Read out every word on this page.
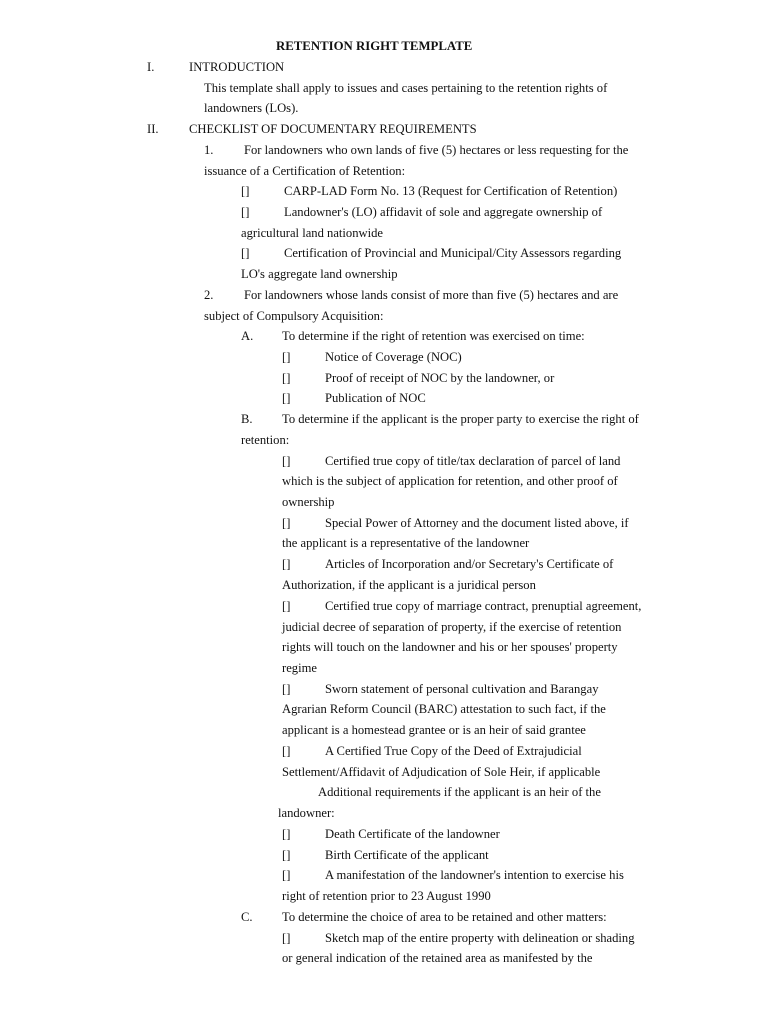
RETENTION RIGHT TEMPLATE
I.	INTRODUCTION
This template shall apply to issues and cases pertaining to the retention rights of
landowners (LOs).
II. CHECKLIST OF DOCUMENTARY REQUIREMENTS
1. For landowners who own lands of five (5) hectares or less requesting for the
issuance of a Certification of Retention:
[]	CARP-LAD Form No. 13 (Request for Certification of Retention)
[]	Landowner's (LO) affidavit of sole and aggregate ownership of
agricultural land nationwide
[]	Certification of Provincial and Municipal/City Assessors regarding
LO's aggregate land ownership
2. For landowners whose lands consist of more than five (5) hectares and are
subject of Compulsory Acquisition:
A. To determine if the right of retention was exercised on time:
[]	Notice of Coverage (NOC)
[]	Proof of receipt of NOC by the landowner, or
[]	Publication of NOC
B. To determine if the applicant is the proper party to exercise the right of
retention:
[]	Certified true copy of title/tax declaration of parcel of land
which is the subject of application for retention, and other proof of
ownership
[]	Special Power of Attorney and the document listed above, if
the applicant is a representative of the landowner
[]	Articles of Incorporation and/or Secretary's Certificate of
Authorization, if the applicant is a juridical person
[]	Certified true copy of marriage contract, prenuptial agreement,
judicial decree of separation of property, if the exercise of retention
rights will touch on the landowner and his or her spouses' property
regime
[]	Sworn statement of personal cultivation and Barangay
Agrarian Reform Council (BARC) attestation to such fact, if the
applicant is a homestead grantee or is an heir of said grantee
[]	A Certified True Copy of the Deed of Extrajudicial
Settlement/Affidavit of Adjudication of Sole Heir, if applicable
Additional requirements if the applicant is an heir of the
landowner:
[]	Death Certificate of the landowner
[]	Birth Certificate of the applicant
[]	A manifestation of the landowner's intention to exercise his
right of retention prior to 23 August 1990
C. To determine the choice of area to be retained and other matters:
[]	Sketch map of the entire property with delineation or shading
or general indication of the retained area as manifested by the
